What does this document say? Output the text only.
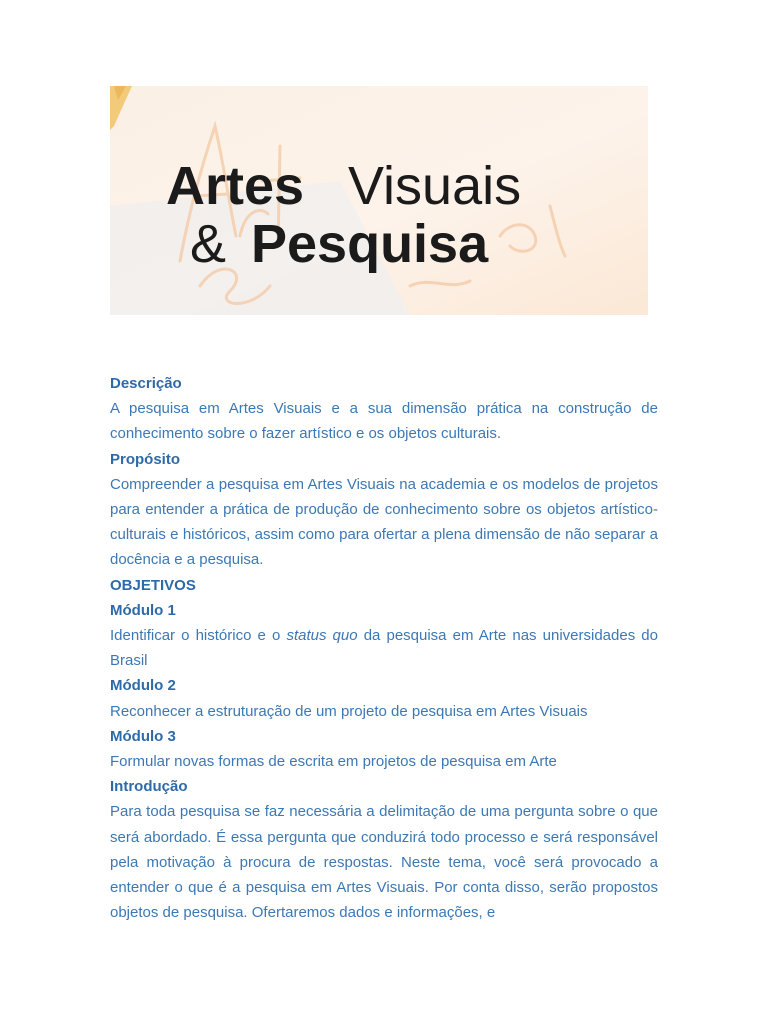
Artes Visuais
& Pesquisa

Descrição

A pesquisa em Artes Visuais e a sua dimensão prática na construção de conhecimento sobre o fazer artístico e os objetos culturais.

Propósito

Compreender a pesquisa em Artes Visuais na academia e os modelos de projetos para entender a prática de produção de conhecimento sobre os objetos artístico-culturais e históricos, assim como para ofertar a plena dimensão de não separar a docência e a pesquisa.

OBJETIVOS

Módulo 1

Identificar o histórico e o status quo da pesquisa em Arte nas universidades do Brasil

Módulo 2

Reconhecer a estruturação de um projeto de pesquisa em Artes Visuais

Módulo 3

Formular novas formas de escrita em projetos de pesquisa em Arte

Introdução

Para toda pesquisa se faz necessária a delimitação de uma pergunta sobre o que será abordado. É essa pergunta que conduzirá todo processo e será responsável pela motivação à procura de respostas. Neste tema, você será provocado a entender o que é a pesquisa em Artes Visuais. Por conta disso, serão propostos objetos de pesquisa. Ofertaremos dados e informações, e
